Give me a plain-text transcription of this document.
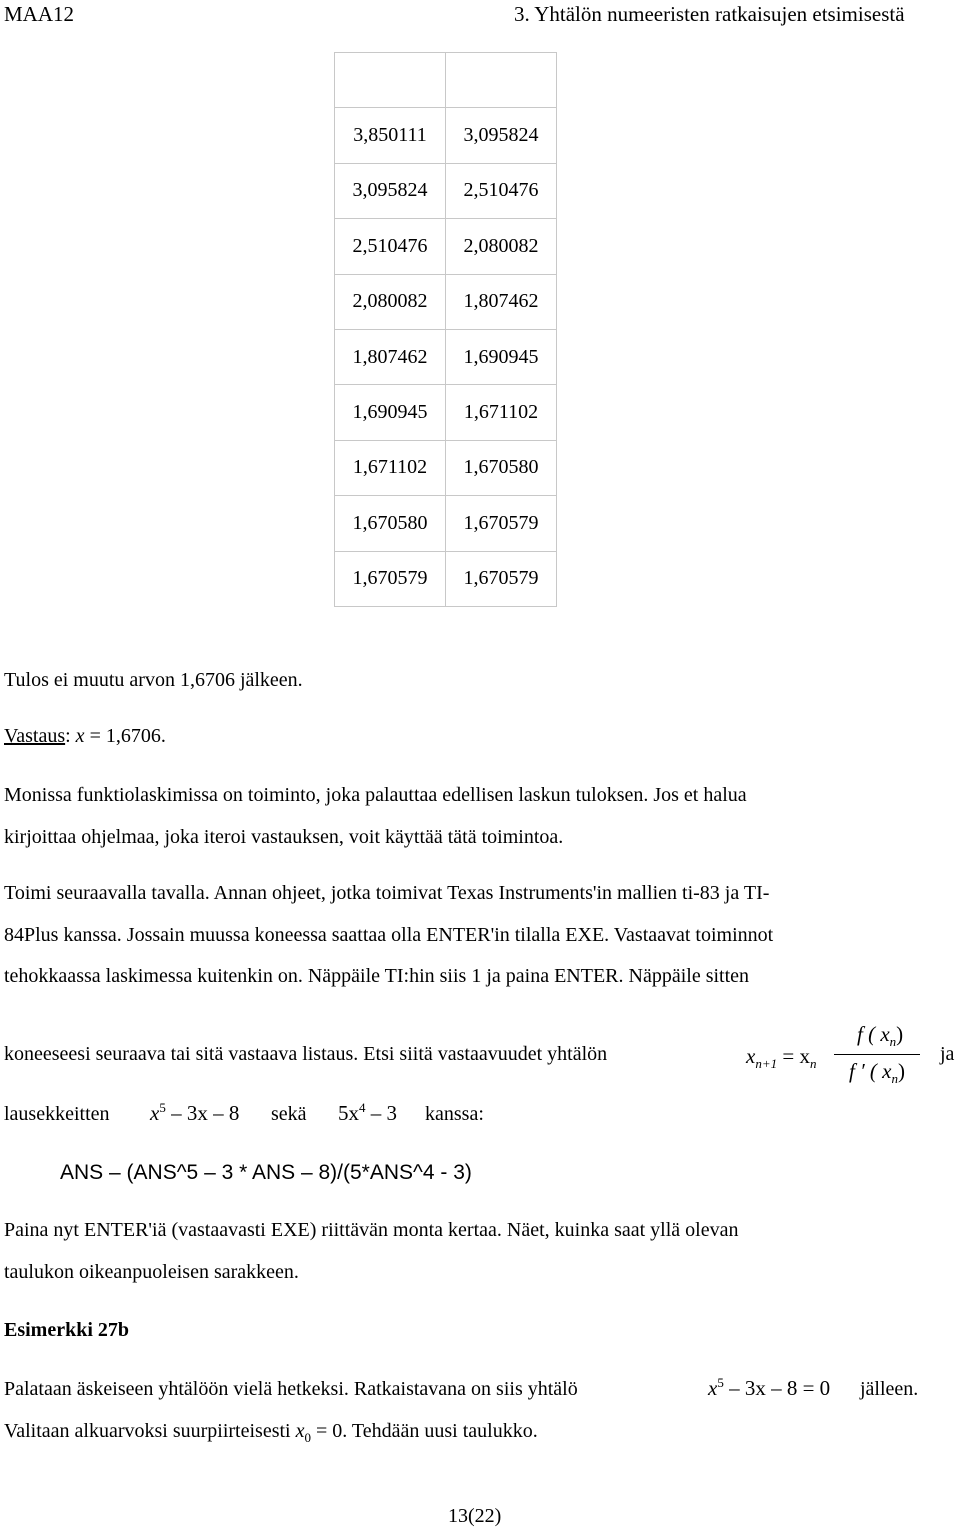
MAA12	3. Yhtälön numeeristen ratkaisujen etsimisestä

3,850111	3,095824
3,095824	2,510476
2,510476	2,080082
2,080082	1,807462
1,807462	1,690945
1,690945	1,671102
1,671102	1,670580
1,670580	1,670579
1,670579	1,670579
Tulos ei muutu arvon 1,6706 jälkeen.
Vastaus: x = 1,6706.
Monissa funktiolaskimissa on toiminto, joka palauttaa edellisen laskun tuloksen. Jos et halua
kirjoittaa ohjelmaa, joka iteroi vastauksen, voit käyttää tätä toimintoa.
Toimi seuraavalla tavalla. Annan ohjeet, jotka toimivat Texas Instruments'in mallien ti-83 ja TI-
84Plus kanssa. Jossain muussa koneessa saattaa olla ENTER'in tilalla EXE. Vastaavat toiminnot
tehokkaassa laskimessa kuitenkin on. Näppäile TI:hin siis 1 ja paina ENTER. Näppäile sitten
koneeseesi seuraava tai sitä vastaava listaus. Etsi siitä vastaavuudet yhtälön	$x_{n+1} = x_n$
f ( $x_n$)
f ′ ( $x_n$)
ja
lausekkeitten $x^5 - 3x - 8$ sekä $5x^4 - 3$ kanssa:
ANS – (ANS^5 – 3 * ANS – 8)/(5*ANS^4 - 3)
Paina nyt ENTER'iä (vastaavasti EXE) riittävän monta kertaa. Näet, kuinka saat yllä olevan
taulukon oikeanpuoleisen sarakkeen.
Esimerkki 27b
Palataan äskeiseen yhtälöön vielä hetkeksi. Ratkaistavana on siis yhtälö	$x^5 - 3x - 8 = 0$ jälleen.
Valitaan alkuarvoksi suurpiirteisesti $x_0 = 0$. Tehdään uusi taulukko.
13(22)
